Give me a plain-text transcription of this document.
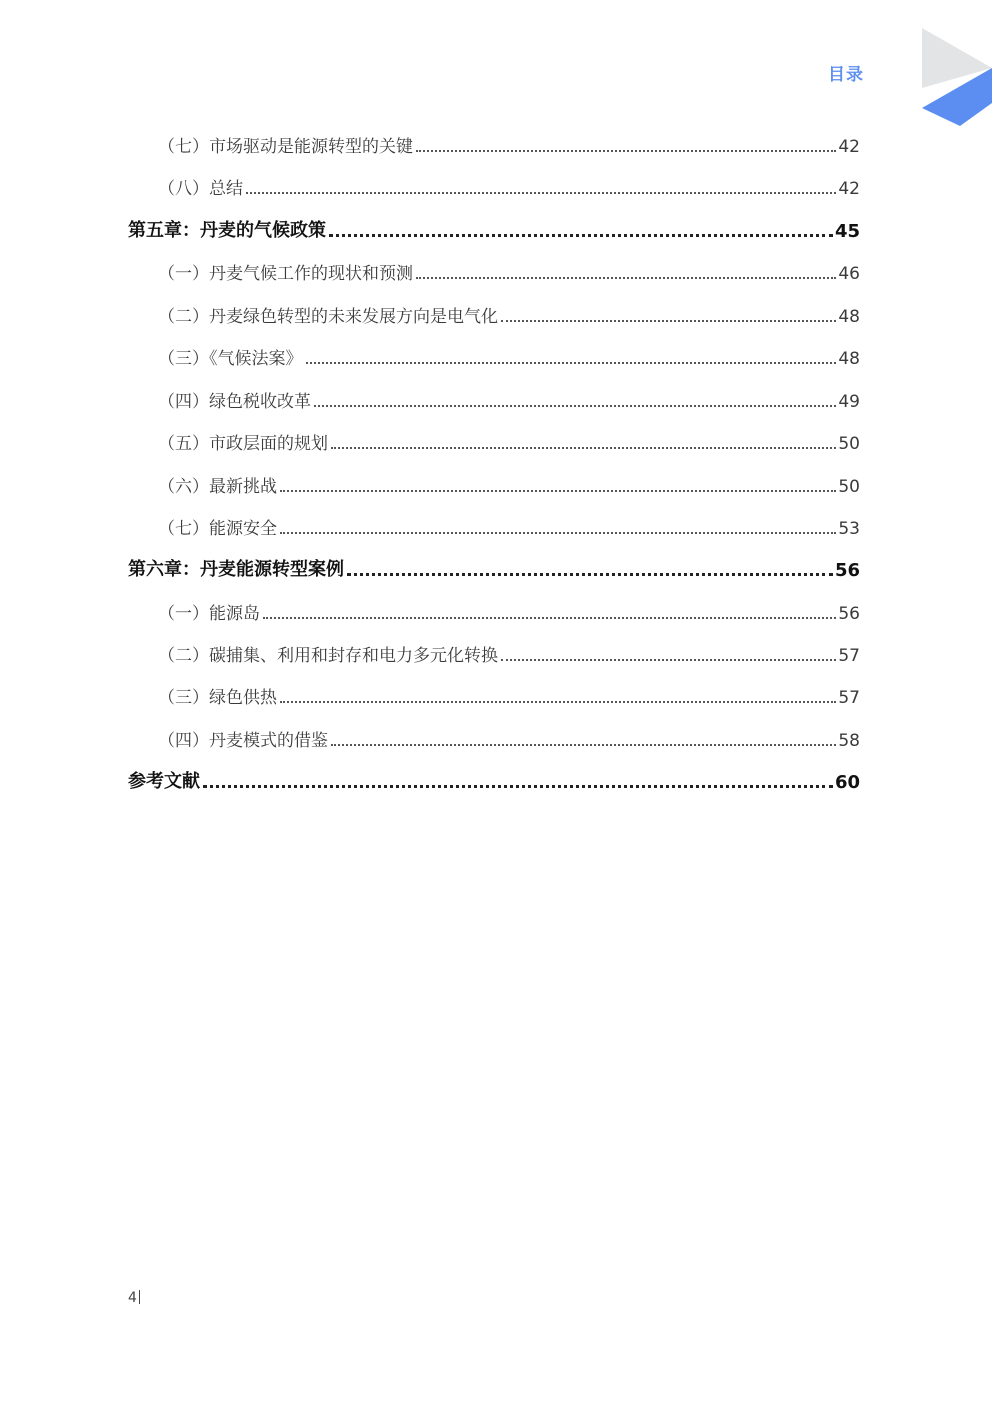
目录
（七）市场驱动是能源转型的关键	42
（八）总结	42
第五章：丹麦的气候政策	45
（一）丹麦气候工作的现状和预测	46
（二）丹麦绿色转型的未来发展方向是电气化	48
（三）《气候法案》	48
（四）绿色税收改革	49
（五）市政层面的规划	50
（六）最新挑战	50
（七）能源安全	53
第六章：丹麦能源转型案例	56
（一）能源岛	56
（二）碳捕集、利用和封存和电力多元化转换	57
（三）绿色供热	57
（四）丹麦模式的借鉴	58
参考文献	60
4
